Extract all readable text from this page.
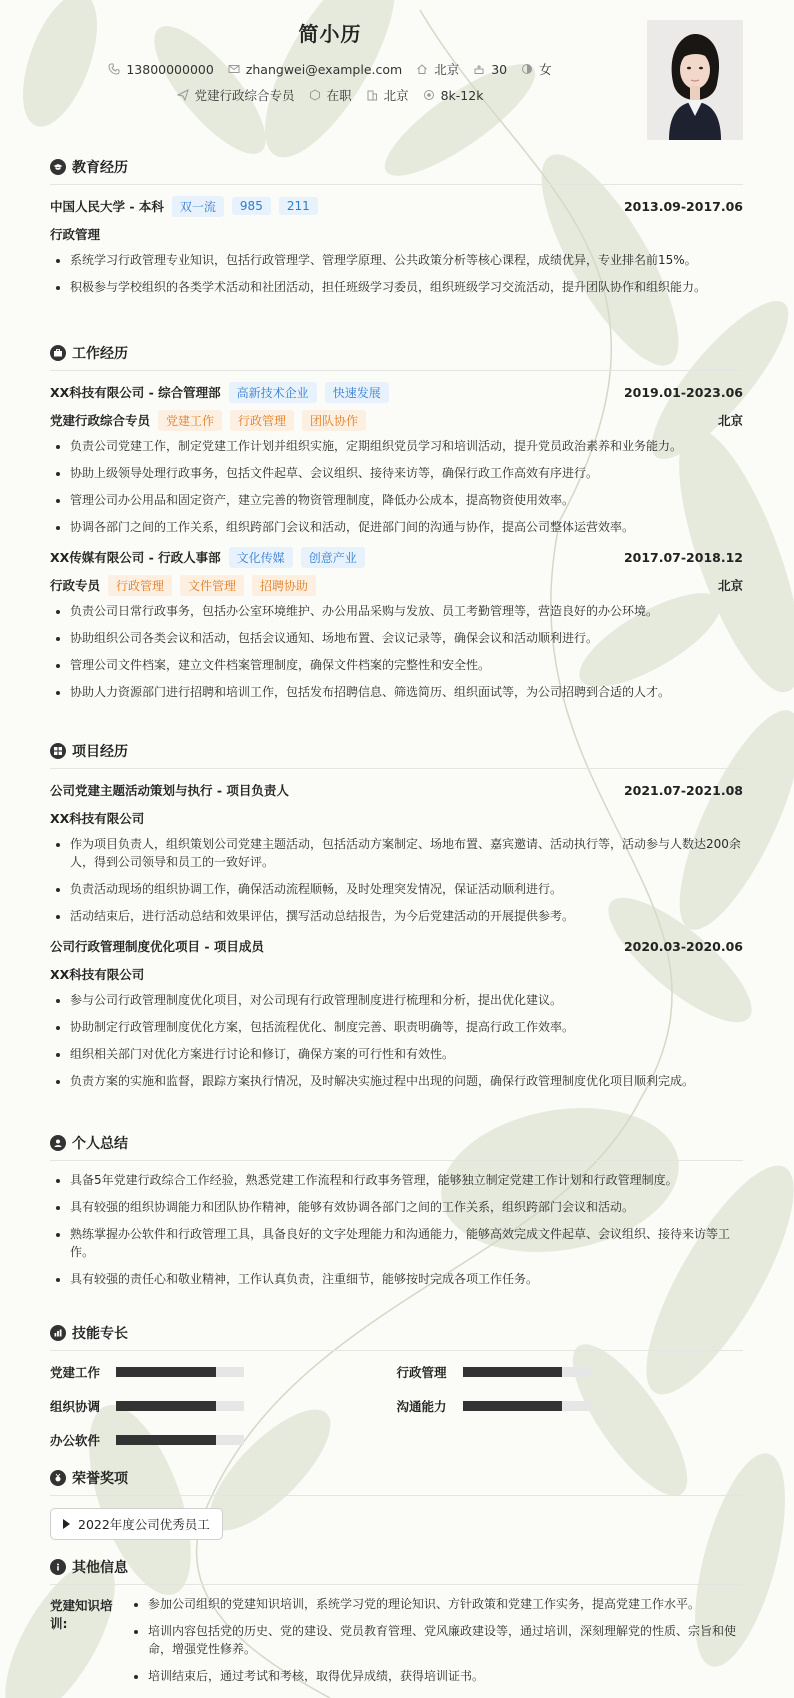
简小历
13800000000	zhangwei@example.com	北京	30	女
党建行政综合专员	在职	北京	8k-12k
教育经历
中国人民大学 - 本科	双一流	985	211	2013.09-2017.06
行政管理
• 系统学习行政管理专业知识，包括行政管理学、管理学原理、公共政策分析等核心课程，成绩优异，专业排名前15%。
• 积极参与学校组织的各类学术活动和社团活动，担任班级学习委员，组织班级学习交流活动，提升团队协作和组织能力。
工作经历
XX科技有限公司 - 综合管理部	高新技术企业	快速发展	2019.01-2023.06
党建行政综合专员	党建工作	行政管理	团队协作	北京
• 负责公司党建工作，制定党建工作计划并组织实施，定期组织党员学习和培训活动，提升党员政治素养和业务能力。
• 协助上级领导处理行政事务，包括文件起草、会议组织、接待来访等，确保行政工作高效有序进行。
• 管理公司办公用品和固定资产，建立完善的物资管理制度，降低办公成本，提高物资使用效率。
• 协调各部门之间的工作关系，组织跨部门会议和活动，促进部门间的沟通与协作，提高公司整体运营效率。
XX传媒有限公司 - 行政人事部	文化传媒	创意产业	2017.07-2018.12
行政专员	行政管理	文件管理	招聘协助	北京
• 负责公司日常行政事务，包括办公室环境维护、办公用品采购与发放、员工考勤管理等，营造良好的办公环境。
• 协助组织公司各类会议和活动，包括会议通知、场地布置、会议记录等，确保会议和活动顺利进行。
• 管理公司文件档案，建立文件档案管理制度，确保文件档案的完整性和安全性。
• 协助人力资源部门进行招聘和培训工作，包括发布招聘信息、筛选简历、组织面试等，为公司招聘到合适的人才。
项目经历
公司党建主题活动策划与执行 - 项目负责人	2021.07-2021.08
XX科技有限公司
• 作为项目负责人，组织策划公司党建主题活动，包括活动方案制定、场地布置、嘉宾邀请、活动执行等，活动参与人数达200余人，得到公司领导和员工的一致好评。
• 负责活动现场的组织协调工作，确保活动流程顺畅，及时处理突发情况，保证活动顺利进行。
• 活动结束后，进行活动总结和效果评估，撰写活动总结报告，为今后党建活动的开展提供参考。
公司行政管理制度优化项目 - 项目成员	2020.03-2020.06
XX科技有限公司
• 参与公司行政管理制度优化项目，对公司现有行政管理制度进行梳理和分析，提出优化建议。
• 协助制定行政管理制度优化方案，包括流程优化、制度完善、职责明确等，提高行政工作效率。
• 组织相关部门对优化方案进行讨论和修订，确保方案的可行性和有效性。
• 负责方案的实施和监督，跟踪方案执行情况，及时解决实施过程中出现的问题，确保行政管理制度优化项目顺利完成。
个人总结
• 具备5年党建行政综合工作经验，熟悉党建工作流程和行政事务管理，能够独立制定党建工作计划和行政管理制度。
• 具有较强的组织协调能力和团队协作精神，能够有效协调各部门之间的工作关系，组织跨部门会议和活动。
• 熟练掌握办公软件和行政管理工具，具备良好的文字处理能力和沟通能力，能够高效完成文件起草、会议组织、接待来访等工作。
• 具有较强的责任心和敬业精神，工作认真负责，注重细节，能够按时完成各项工作任务。
技能专长
党建工作	行政管理
组织协调	沟通能力
办公软件
荣誉奖项
2022年度公司优秀员工
其他信息
党建知识培训:
• 参加公司组织的党建知识培训，系统学习党的理论知识、方针政策和党建工作实务，提高党建工作水平。
• 培训内容包括党的历史、党的建设、党员教育管理、党风廉政建设等，通过培训，深刻理解党的性质、宗旨和使命，增强党性修养。
• 培训结束后，通过考试和考核，取得优异成绩，获得培训证书。
